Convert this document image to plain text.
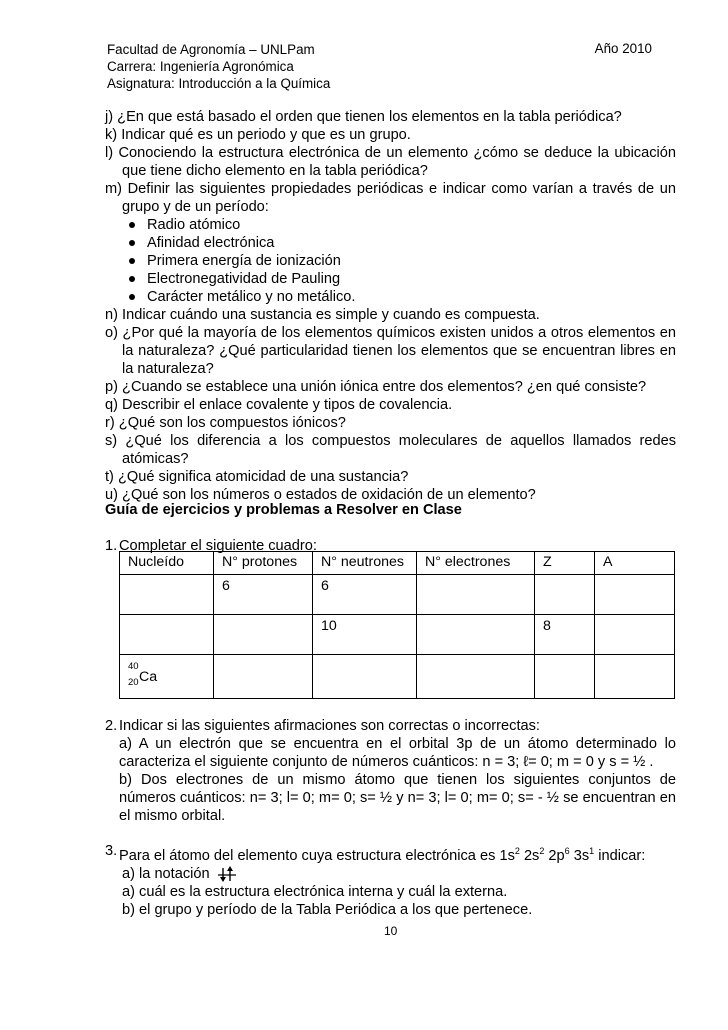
Facultad de Agronomía – UNLPam	Año 2010
Carrera: Ingeniería Agronómica
Asignatura: Introducción a la Química

j) ¿En que está basado el orden que tienen los elementos en la tabla periódica?

k) Indicar qué es un periodo y que es un grupo.

l) Conociendo la estructura electrónica de un elemento ¿cómo se deduce la ubicación que tiene dicho elemento en la tabla periódica?

m) Definir las siguientes propiedades periódicas e indicar como varían a través de un grupo y de un período:

Radio atómico
Afinidad electrónica
Primera energía de ionización
Electronegatividad de Pauling
Carácter metálico y no metálico.

n) Indicar cuándo una sustancia es simple y cuando es compuesta.

o) ¿Por qué la mayoría de los elementos químicos existen unidos a otros elementos en la naturaleza? ¿Qué particularidad tienen los elementos que se encuentran libres en la naturaleza?

p) ¿Cuando se establece una unión iónica entre dos elementos? ¿en qué consiste?

q) Describir el enlace covalente y tipos de covalencia.

r) ¿Qué son los compuestos iónicos?

s) ¿Qué los diferencia a los compuestos moleculares de aquellos llamados redes atómicas?

t) ¿Qué significa atomicidad de una sustancia?

u) ¿Qué son los números o estados de oxidación de un elemento?

Guía de ejercicios y problemas a Resolver en Clase
1. Completar el siguiente cuadro:
Nucleído	N° protones	N° neutrones	N° electrones	Z	A
	6	6			
		10		8	

40
20 Ca					

2. Indicar si las siguientes afirmaciones son correctas o incorrectas:
a) A un electrón que se encuentra en el orbital 3p de un átomo determinado lo caracteriza el siguiente conjunto de números cuánticos: n = 3; ℓ= 0; m = 0 y s = ½ .
b) Dos electrones de un mismo átomo que tienen los siguientes conjuntos de números cuánticos: n= 3; l= 0; m= 0; s= ½ y n= 3; l= 0; m= 0; s= - ½ se encuentran en el mismo orbital.
3. Para el átomo del elemento cuya estructura electrónica es $1s^2$ $2s^2$ $2p^6$ $3s^1$ indicar:
a) la notación
a) cuál es la estructura electrónica interna y cuál la externa.
b) el grupo y período de la Tabla Periódica a los que pertenece.
10
